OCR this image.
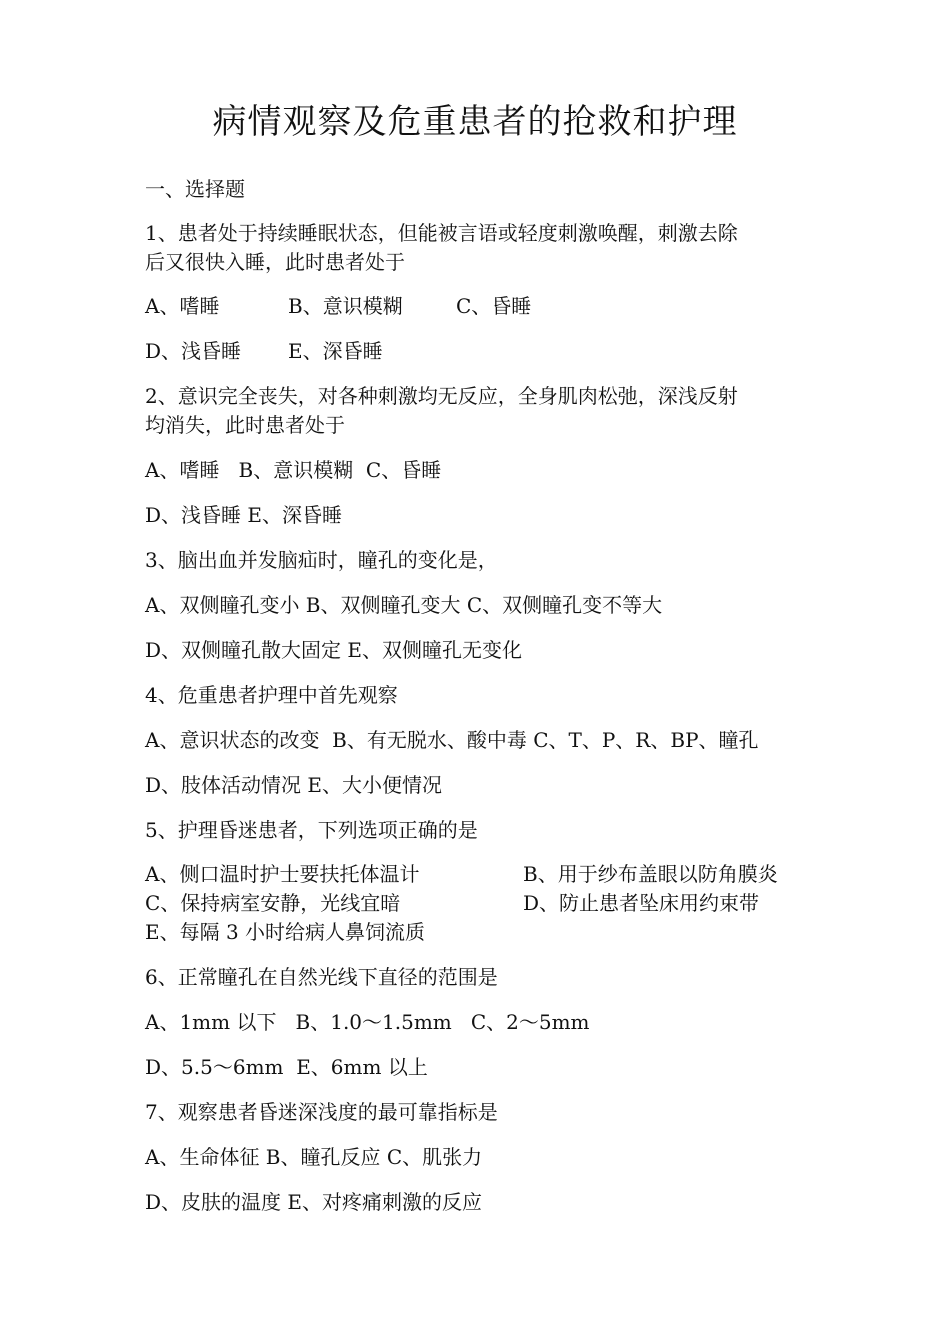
病情观察及危重患者的抢救和护理
一、选择题
1、患者处于持续睡眠状态，但能被言语或轻度刺激唤醒，刺激去除
后又很快入睡，此时患者处于
A、嗜睡	B、意识模糊	C、昏睡
D、浅昏睡 E、深昏睡
2、意识完全丧失，对各种刺激均无反应，全身肌肉松弛，深浅反射
均消失，此时患者处于
A、嗜睡   B、意识模糊  C、昏睡
D、浅昏睡 E、深昏睡
3、脑出血并发脑疝时，瞳孔的变化是，
A、双侧瞳孔变小 B、双侧瞳孔变大 C、双侧瞳孔变不等大
D、双侧瞳孔散大固定 E、双侧瞳孔无变化
4、危重患者护理中首先观察
A、意识状态的改变  B、有无脱水、酸中毒 C、T、P、R、BP、瞳孔
D、肢体活动情况 E、大小便情况
5、护理昏迷患者，下列选项正确的是
A、侧口温时护士要扶托体温计	B、用于纱布盖眼以防角膜炎
C、保持病室安静，光线宜暗	D、防止患者坠床用约束带
E、每隔 3 小时给病人鼻饲流质
6、正常瞳孔在自然光线下直径的范围是
A、1mm 以下   B、1.0～1.5mm   C、2～5mm
D、5.5～6mm  E、6mm 以上
7、观察患者昏迷深浅度的最可靠指标是
A、生命体征 B、瞳孔反应 C、肌张力
D、皮肤的温度 E、对疼痛刺激的反应
